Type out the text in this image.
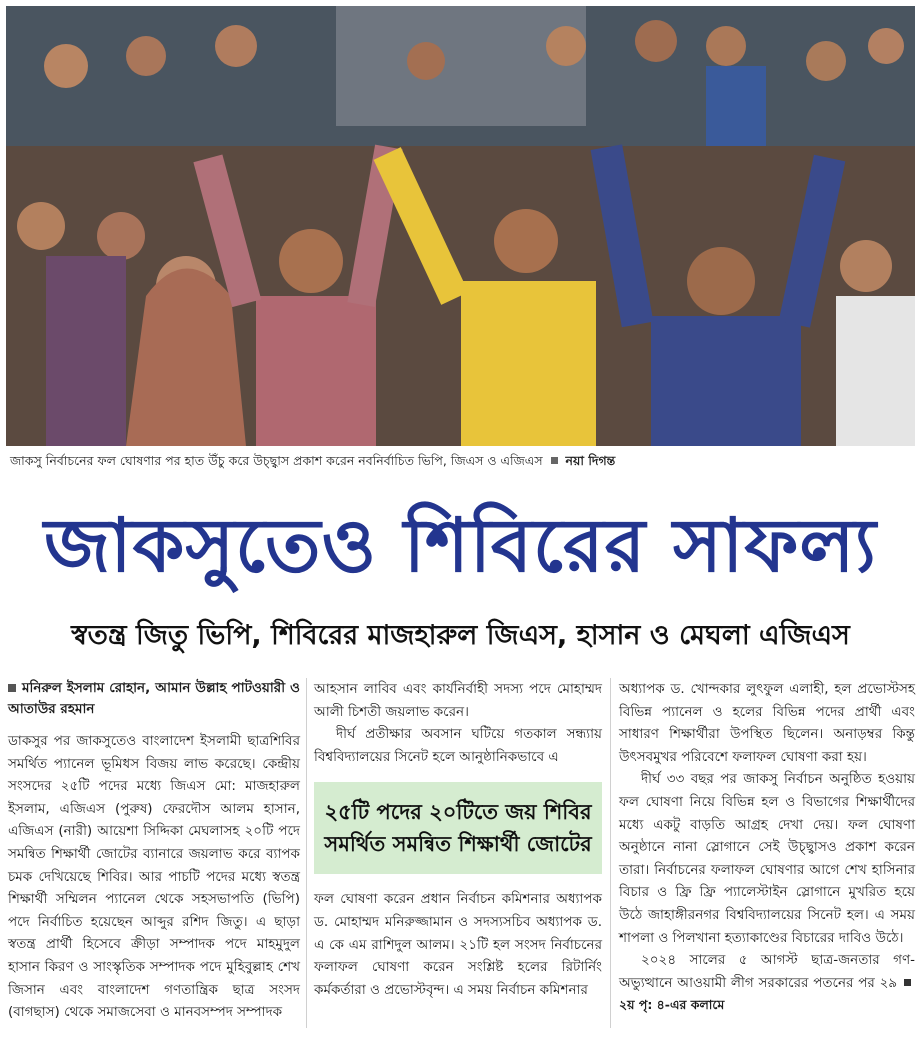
জাকসু নির্বাচনের ফল ঘোষণার পর হাত উঁচু করে উচ্ছ্বাস প্রকাশ করেন নবনির্বাচিত ভিপি, জিএস ও এজিএস নয়া দিগন্ত
জাকসুতেও শিবিরের সাফল্য
স্বতন্ত্র জিতু ভিপি, শিবিরের মাজহারুল জিএস, হাসান ও মেঘলা এজিএস
মনিরুল ইসলাম রোহান, আমান উল্লাহ পাটওয়ারী ও আতাউর রহমান

ডাকসুর পর জাকসুতেও বাংলাদেশ ইসলামী ছাত্রশিবির সমর্থিত প্যানেল ভূমিধস বিজয় লাভ করেছে। কেন্দ্রীয় সংসদের ২৫টি পদের মধ্যে জিএস মো: মাজহারুল ইসলাম, এজিএস (পুরুষ) ফেরদৌস আলম হাসান, এজিএস (নারী) আয়েশা সিদ্দিকা মেঘলাসহ ২০টি পদে সমন্বিত শিক্ষার্থী জোটের ব্যানারে জয়লাভ করে ব্যাপক চমক দেখিয়েছে শিবির। আর পাচটি পদের মধ্যে স্বতন্ত্র শিক্ষার্থী সম্মিলন প্যানেল থেকে সহসভাপতি (ভিপি) পদে নির্বাচিত হয়েছেন আব্দুর রশিদ জিতু। এ ছাড়া স্বতন্ত্র প্রার্থী হিসেবে ক্রীড়া সম্পাদক পদে মাহমুদুল হাসান কিরণ ও সাংস্কৃতিক সম্পাদক পদে মুহিবুল্লাহ শেখ জিসান এবং বাংলাদেশ গণতান্ত্রিক ছাত্র সংসদ (বাগছাস) থেকে সমাজসেবা ও মানবসম্পদ সম্পাদক

আহসান লাবিব এবং কার্যনির্বাহী সদস্য পদে মোহাম্মদ আলী চিশতী জয়লাভ করেন।

দীর্ঘ প্রতীক্ষার অবসান ঘটিয়ে গতকাল সন্ধ্যায় বিশ্ববিদ্যালয়ের সিনেট হলে আনুষ্ঠানিকভাবে এ

২৫টি পদের ২০টিতে জয় শিবির সমর্থিত সমন্বিত শিক্ষার্থী জোটের

ফল ঘোষণা করেন প্রধান নির্বাচন কমিশনার অধ্যাপক ড. মোহাম্মদ মনিরুজ্জামান ও সদস্যসচিব অধ্যাপক ড. এ কে এম রাশিদুল আলম। ২১টি হল সংসদ নির্বাচনের ফলাফল ঘোষণা করেন সংশ্লিষ্ট হলের রিটার্নিং কর্মকর্তারা ও প্রভোস্টবৃন্দ। এ সময় নির্বাচন কমিশনার

অধ্যাপক ড. খোন্দকার লুৎফুল এলাহী, হল প্রভোস্টসহ বিভিন্ন প্যানেল ও হলের বিভিন্ন পদের প্রার্থী এবং সাধারণ শিক্ষার্থীরা উপস্থিত ছিলেন। অনাড়ম্বর কিন্তু উৎসবমুখর পরিবেশে ফলাফল ঘোষণা করা হয়।

দীর্ঘ ৩৩ বছর পর জাকসু নির্বাচন অনুষ্ঠিত হওয়ায় ফল ঘোষণা নিয়ে বিভিন্ন হল ও বিভাগের শিক্ষার্থীদের মধ্যে একটু বাড়তি আগ্রহ দেখা দেয়। ফল ঘোষণা অনুষ্ঠানে নানা স্লোগানে সেই উচ্ছ্বাসও প্রকাশ করেন তারা। নির্বাচনের ফলাফল ঘোষণার আগে শেখ হাসিনার বিচার ও ফ্রি ফ্রি প্যালেস্টাইন স্লোগানে মুখরিত হয়ে উঠে জাহাঙ্গীরনগর বিশ্ববিদ্যালয়ের সিনেট হল। এ সময় শাপলা ও পিলখানা হত্যাকাণ্ডের বিচারের দাবিও উঠে।

২০২৪ সালের ৫ আগস্ট ছাত্র-জনতার গণ-অভ্যুত্থানে আওয়ামী লীগ সরকারের পতনের পর ২৯ ২য় পৃ: ৪-এর কলামে
